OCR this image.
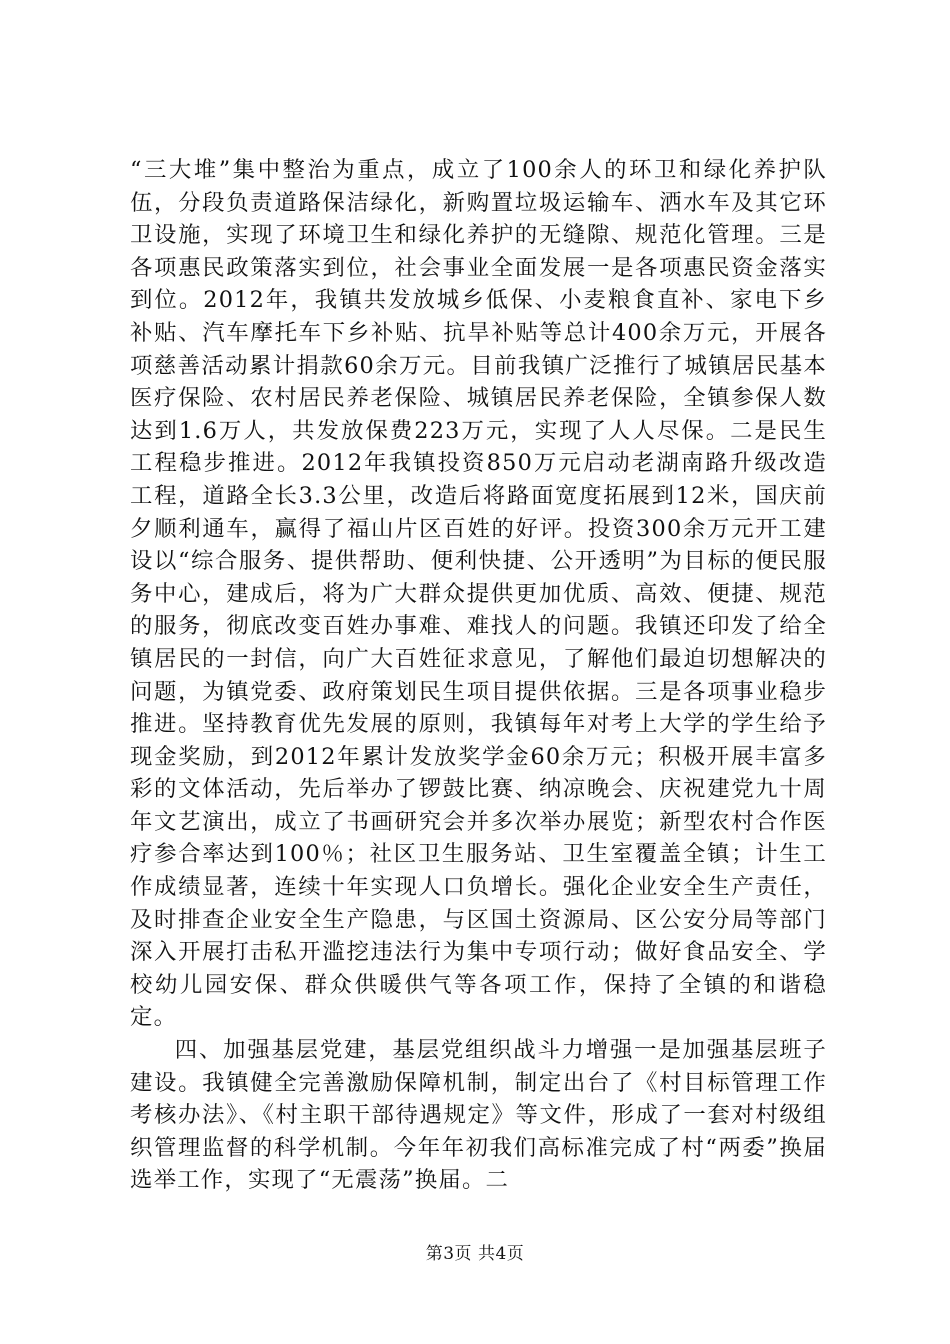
“三大堆”集中整治为重点，成立了100余人的环卫和绿化养护队伍，分段负责道路保洁绿化，新购置垃圾运输车、洒水车及其它环卫设施，实现了环境卫生和绿化养护的无缝隙、规范化管理。三是各项惠民政策落实到位，社会事业全面发展一是各项惠民资金落实到位。2012年，我镇共发放城乡低保、小麦粮食直补、家电下乡补贴、汽车摩托车下乡补贴、抗旱补贴等总计400余万元，开展各项慈善活动累计捐款60余万元。目前我镇广泛推行了城镇居民基本医疗保险、农村居民养老保险、城镇居民养老保险，全镇参保人数达到1.6万人，共发放保费223万元，实现了人人尽保。二是民生工程稳步推进。2012年我镇投资850万元启动老湖南路升级改造工程，道路全长3.3公里，改造后将路面宽度拓展到12米，国庆前夕顺利通车，赢得了福山片区百姓的好评。投资300余万元开工建设以“综合服务、提供帮助、便利快捷、公开透明”为目标的便民服务中心，建成后，将为广大群众提供更加优质、高效、便捷、规范的服务，彻底改变百姓办事难、难找人的问题。我镇还印发了给全镇居民的一封信，向广大百姓征求意见，了解他们最迫切想解决的问题，为镇党委、政府策划民生项目提供依据。三是各项事业稳步推进。坚持教育优先发展的原则，我镇每年对考上大学的学生给予现金奖励，到2012年累计发放奖学金60余万元；积极开展丰富多彩的文体活动，先后举办了锣鼓比赛、纳凉晚会、庆祝建党九十周年文艺演出，成立了书画研究会并多次举办展览；新型农村合作医疗参合率达到100％；社区卫生服务站、卫生室覆盖全镇；计生工作成绩显著，连续十年实现人口负增长。强化企业安全生产责任，及时排查企业安全生产隐患，与区国土资源局、区公安分局等部门深入开展打击私开滥挖违法行为集中专项行动；做好食品安全、学校幼儿园安保、群众供暖供气等各项工作，保持了全镇的和谐稳定。

四、加强基层党建，基层党组织战斗力增强一是加强基层班子建设。我镇健全完善激励保障机制，制定出台了《村目标管理工作考核办法》、《村主职干部待遇规定》等文件，形成了一套对村级组织管理监督的科学机制。今年年初我们高标准完成了村“两委”换届选举工作，实现了“无震荡”换届。二

第3页 共4页
